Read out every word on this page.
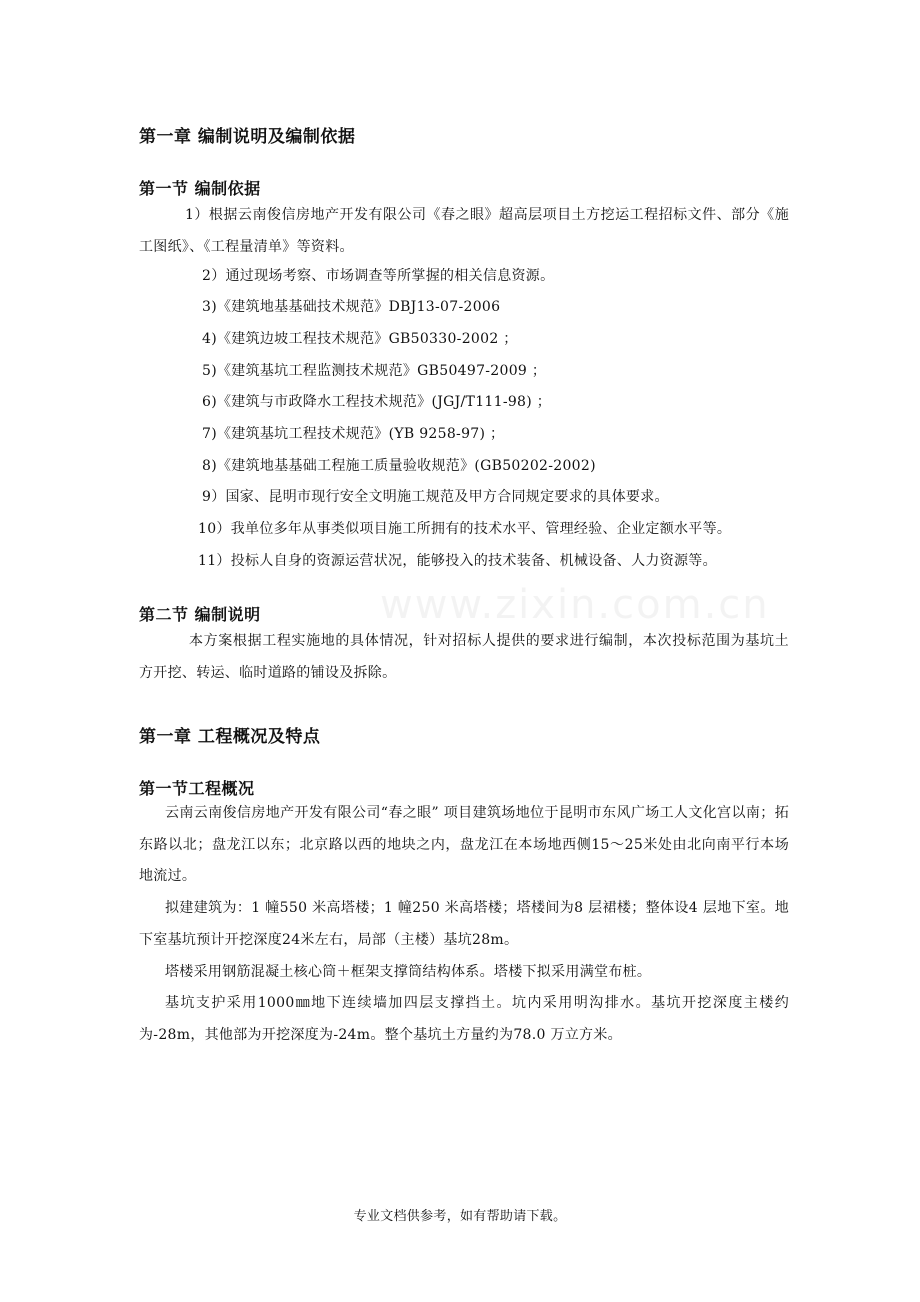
www.zixin.com.cn
第一章 编制说明及编制依据
第一节 编制依据
1）根据云南俊信房地产开发有限公司《春之眼》超高层项目土方挖运工程招标文件、部分《施工图纸》、《工程量清单》等资料。
2）通过现场考察、市场调查等所掌握的相关信息资源。
3)《建筑地基基础技术规范》DBJ13-07-2006
4)《建筑边坡工程技术规范》GB50330-2002 ；
5)《建筑基坑工程监测技术规范》GB50497-2009 ；
6)《建筑与市政降水工程技术规范》(JGJ/T111-98) ；
7)《建筑基坑工程技术规范》(YB 9258-97) ；
8)《建筑地基基础工程施工质量验收规范》(GB50202-2002)
9）国家、昆明市现行安全文明施工规范及甲方合同规定要求的具体要求。
10）我单位多年从事类似项目施工所拥有的技术水平、管理经验、企业定额水平等。
11）投标人自身的资源运营状况，能够投入的技术装备、机械设备、人力资源等。
第二节 编制说明
本方案根据工程实施地的具体情况，针对招标人提供的要求进行编制，本次投标范围为基坑土方开挖、转运、临时道路的铺设及拆除。
第一章 工程概况及特点
第一节工程概况
云南云南俊信房地产开发有限公司“春之眼” 项目建筑场地位于昆明市东风广场工人文化宫以南；拓东路以北；盘龙江以东；北京路以西的地块之内，盘龙江在本场地西侧15～25米处由北向南平行本场地流过。
拟建建筑为：1 幢550 米高塔楼；1 幢250 米高塔楼；塔楼间为8 层裙楼；整体设4 层地下室。地下室基坑预计开挖深度24米左右，局部（主楼）基坑28m。
塔楼采用钢筋混凝土核心筒＋框架支撑筒结构体系。塔楼下拟采用满堂布桩。
基坑支护采用1000㎜地下连续墙加四层支撑挡土。坑内采用明沟排水。基坑开挖深度主楼约为-28m，其他部为开挖深度为-24m。整个基坑土方量约为78.0 万立方米。
专业文档供参考，如有帮助请下载。
